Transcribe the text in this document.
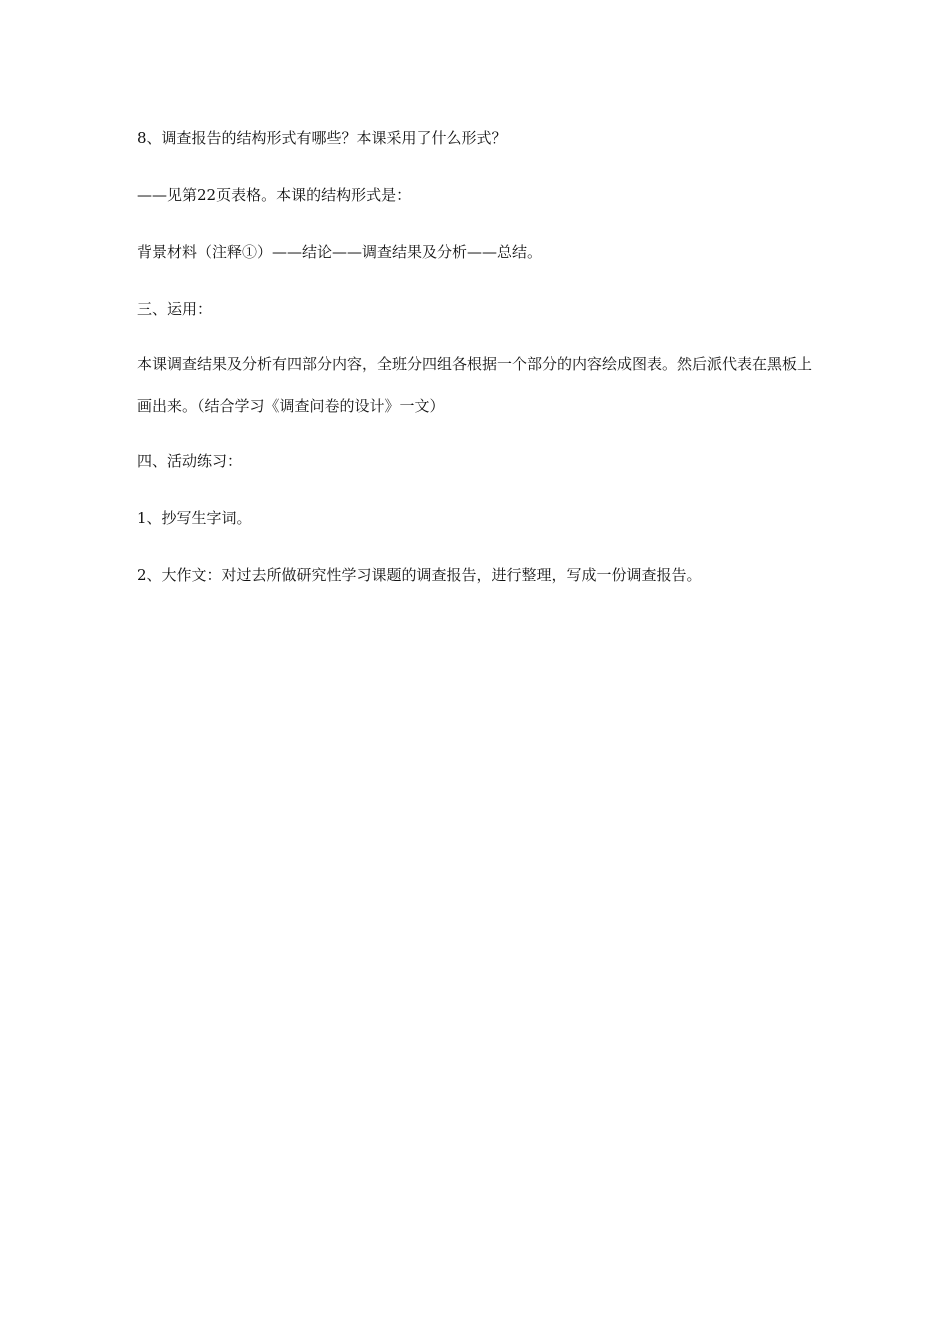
8、调查报告的结构形式有哪些？本课采用了什么形式？

——见第22页表格。本课的结构形式是：

背景材料（注释①）——结论——调查结果及分析——总结。

三、运用：

本课调查结果及分析有四部分内容，全班分四组各根据一个部分的内容绘成图表。然后派代表在黑板上画出来。（结合学习《调查问卷的设计》一文）

四、活动练习：

1、抄写生字词。

2、大作文：对过去所做研究性学习课题的调查报告，进行整理，写成一份调查报告。
